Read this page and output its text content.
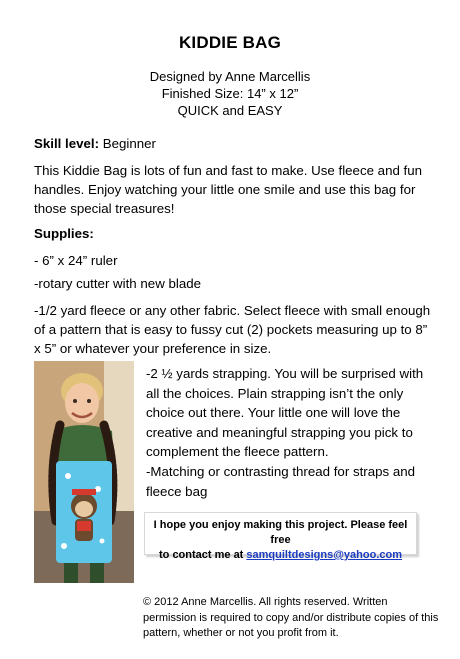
KIDDIE BAG
Designed by Anne Marcellis
Finished Size: 14” x 12”
QUICK and EASY
Skill level: Beginner
This Kiddie Bag is lots of fun and fast to make. Use fleece and fun handles. Enjoy watching your little one smile and use this bag for those special treasures!
Supplies:
- 6” x 24” ruler
-rotary cutter with new blade
-1/2 yard fleece or any other fabric. Select fleece with small enough of a pattern that is easy to fussy cut (2) pockets measuring up to 8” x 5” or whatever your preference in size.
-2 ½ yards strapping. You will be surprised with all the choices. Plain strapping isn’t the only choice out there. Your little one will love the creative and meaningful strapping you pick to complement the fleece pattern.
-Matching or contrasting thread for straps and fleece bag
I hope you enjoy making this project. Please feel free
to contact me at samquiltdesigns@yahoo.com
© 2012 Anne Marcellis. All rights reserved. Written permission is required to copy and/or distribute copies of this pattern, whether or not you profit from it.
